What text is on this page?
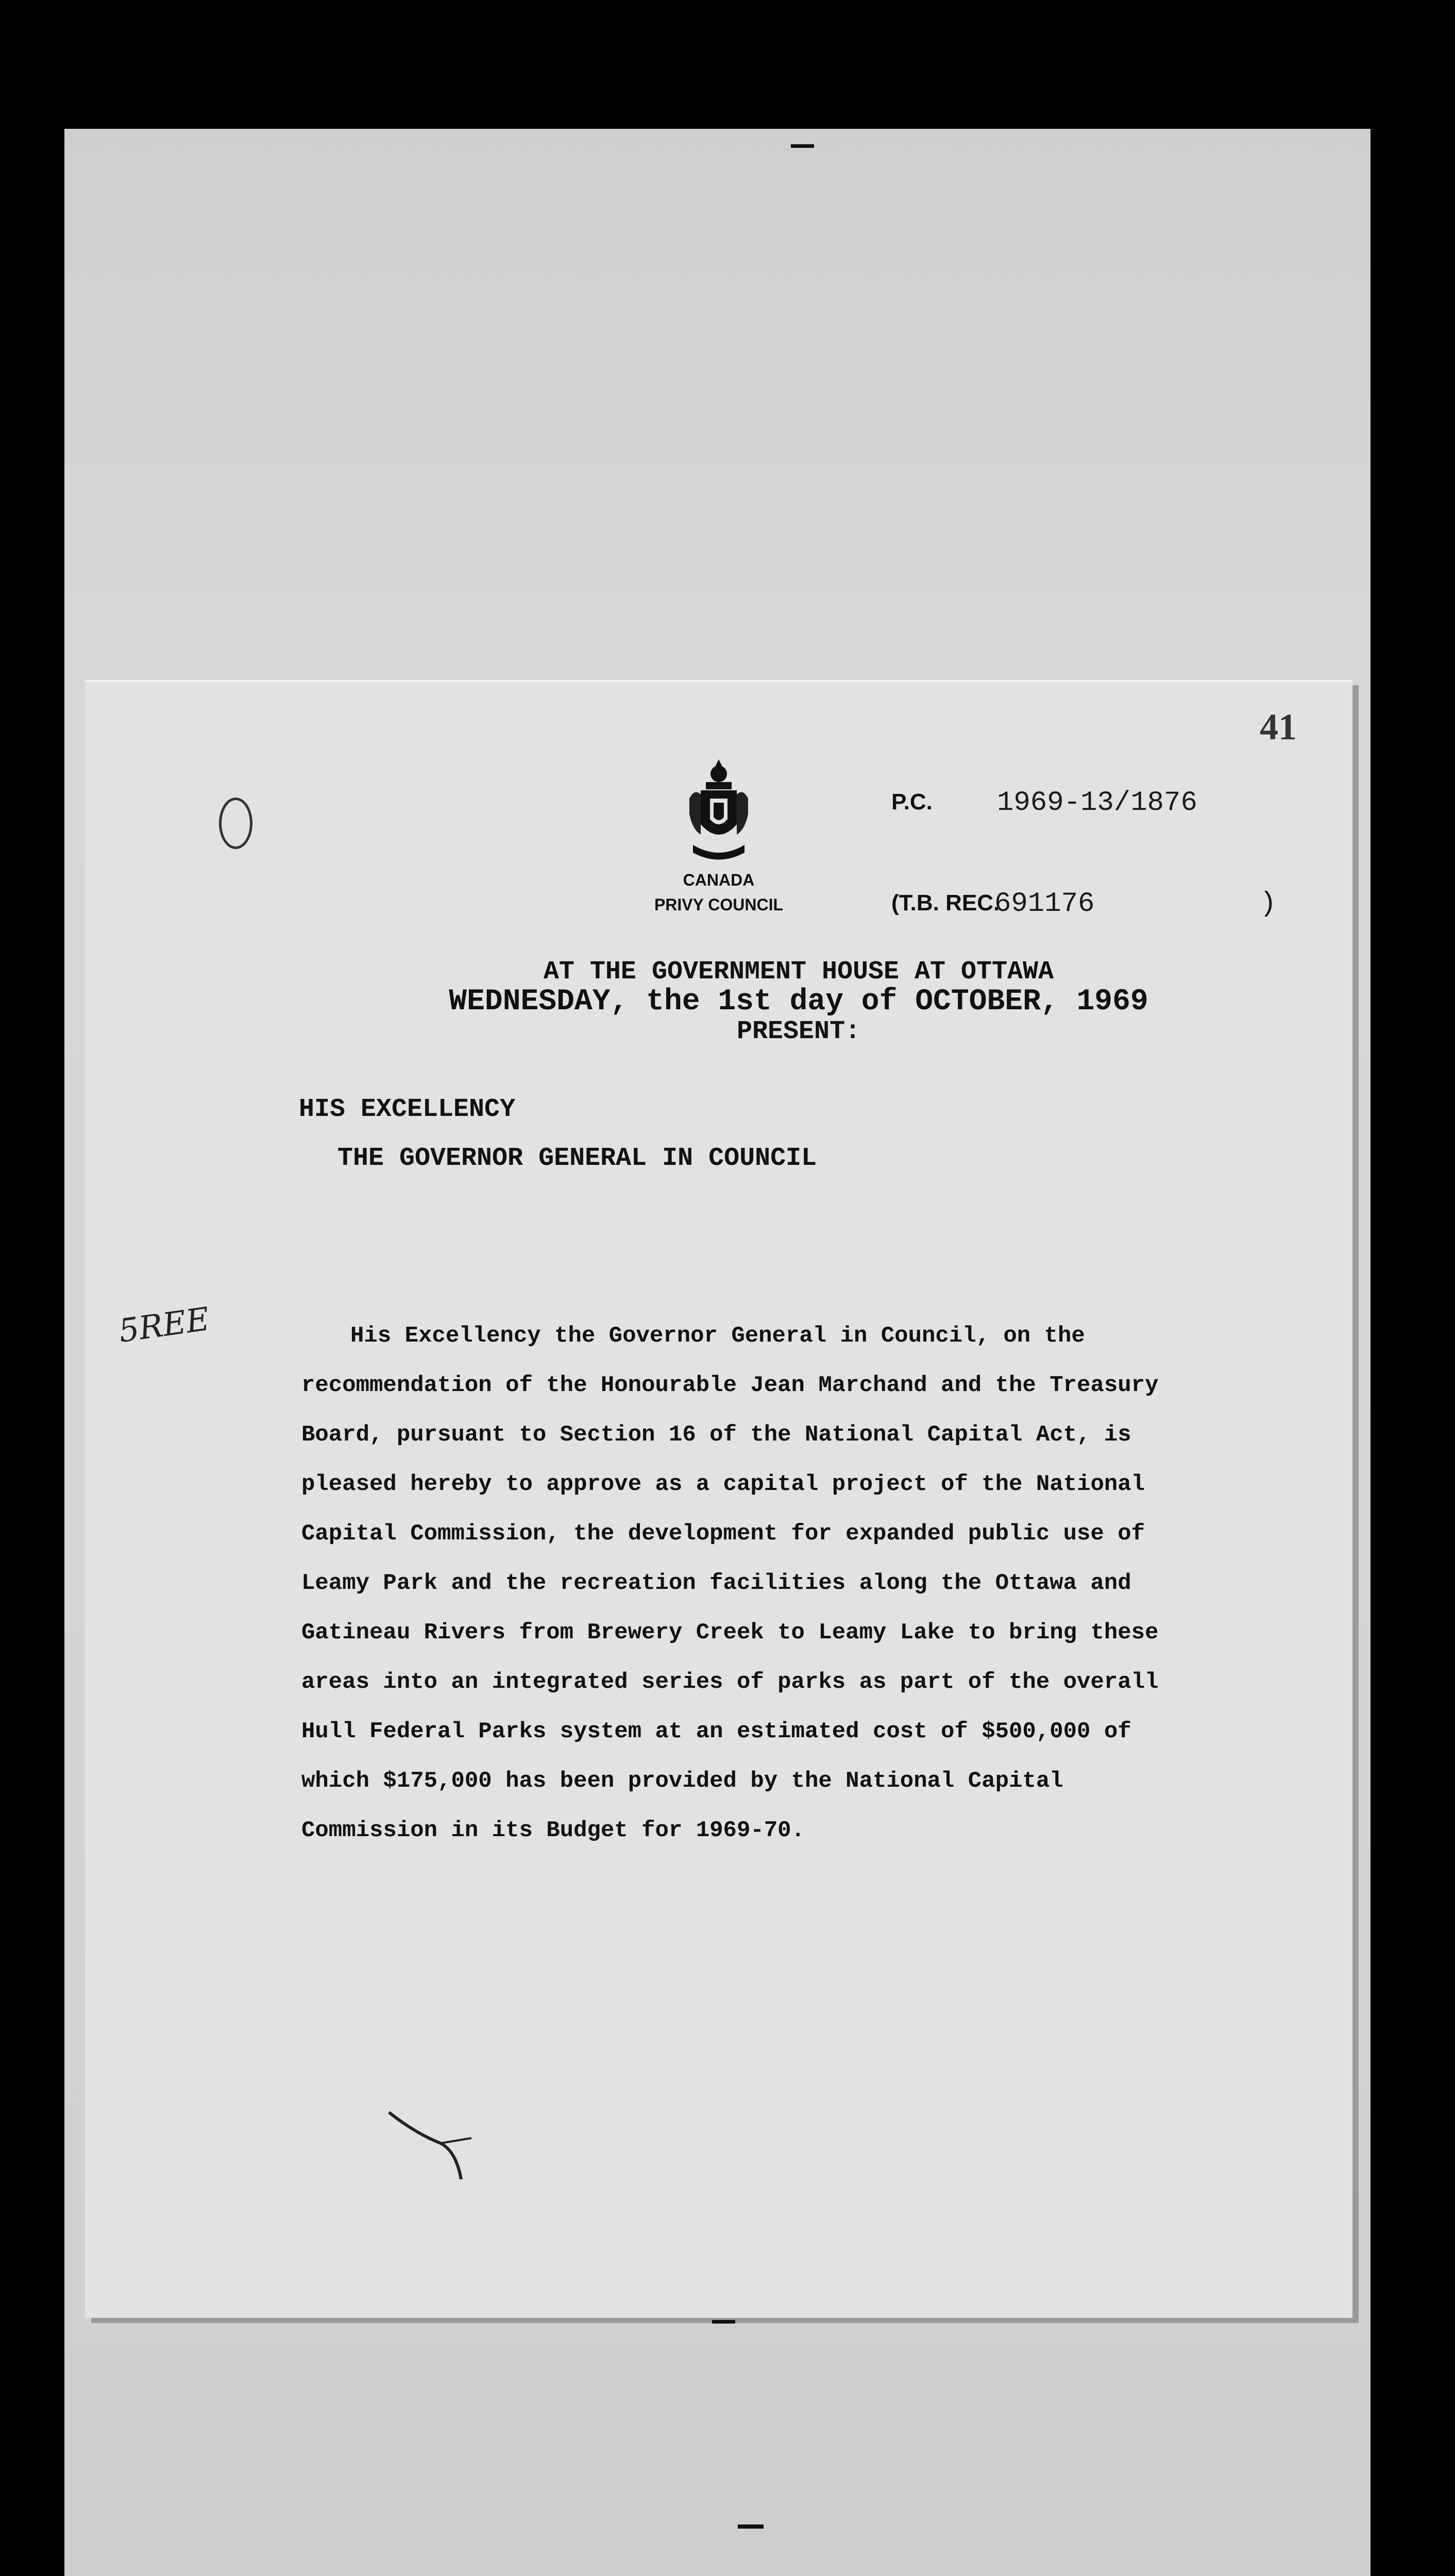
41
CANADA
PRIVY COUNCIL
P.C. 1969-13/1876
(T.B. REC.
691176	)
AT THE GOVERNMENT HOUSE AT OTTAWA
WEDNESDAY, the 1st day of OCTOBER, 1969
PRESENT:
HIS EXCELLENCY
THE GOVERNOR GENERAL IN COUNCIL
5REE	His Excellency the Governor General in Council, on the
recommendation of the Honourable Jean Marchand and the Treasury
Board, pursuant to Section 16 of the National Capital Act, is
pleased hereby to approve as a capital project of the National
Capital Commission, the development for expanded public use of
Leamy Park and the recreation facilities along the Ottawa and
Gatineau Rivers from Brewery Creek to Leamy Lake to bring these
areas into an integrated series of parks as part of the overall
Hull Federal Parks system at an estimated cost of $500,000 of
which $175,000 has been provided by the National Capital
Commission in its Budget for 1969-70.
